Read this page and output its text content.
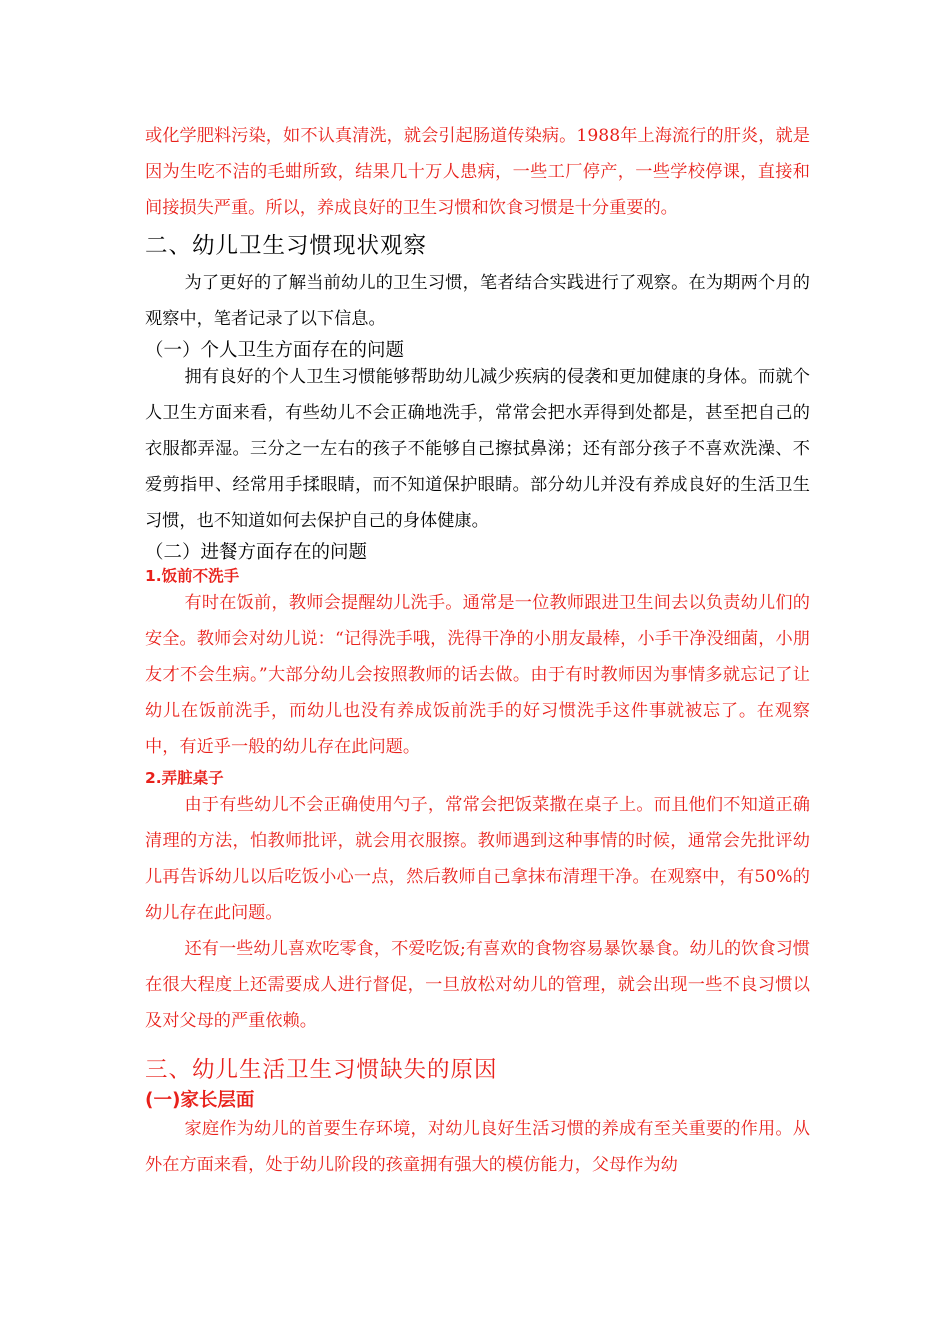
或化学肥料污染，如不认真清洗，就会引起肠道传染病。1988年上海流行的肝炎，就是因为生吃不洁的毛蚶所致，结果几十万人患病，一些工厂停产，一些学校停课，直接和间接损失严重。所以，养成良好的卫生习惯和饮食习惯是十分重要的。

二、幼儿卫生习惯现状观察

为了更好的了解当前幼儿的卫生习惯，笔者结合实践进行了观察。在为期两个月的观察中，笔者记录了以下信息。

（一）个人卫生方面存在的问题

拥有良好的个人卫生习惯能够帮助幼儿减少疾病的侵袭和更加健康的身体。而就个人卫生方面来看，有些幼儿不会正确地洗手，常常会把水弄得到处都是，甚至把自己的衣服都弄湿。三分之一左右的孩子不能够自己擦拭鼻涕；还有部分孩子不喜欢洗澡、不爱剪指甲、经常用手揉眼睛，而不知道保护眼睛。部分幼儿并没有养成良好的生活卫生习惯，也不知道如何去保护自己的身体健康。

（二）进餐方面存在的问题
1.饭前不洗手

有时在饭前，教师会提醒幼儿洗手。通常是一位教师跟进卫生间去以负责幼儿们的安全。教师会对幼儿说：“记得洗手哦，洗得干净的小朋友最棒，小手干净没细菌，小朋友才不会生病。”大部分幼儿会按照教师的话去做。由于有时教师因为事情多就忘记了让幼儿在饭前洗手，而幼儿也没有养成饭前洗手的好习惯洗手这件事就被忘了。在观察中，有近乎一般的幼儿存在此问题。

2.弄脏桌子

由于有些幼儿不会正确使用勺子，常常会把饭菜撒在桌子上。而且他们不知道正确清理的方法，怕教师批评，就会用衣服擦。教师遇到这种事情的时候，通常会先批评幼儿再告诉幼儿以后吃饭小心一点，然后教师自己拿抹布清理干净。在观察中，有50%的幼儿存在此问题。

还有一些幼儿喜欢吃零食，不爱吃饭;有喜欢的食物容易暴饮暴食。幼儿的饮食习惯在很大程度上还需要成人进行督促，一旦放松对幼儿的管理，就会出现一些不良习惯以及对父母的严重依赖。

三、幼儿生活卫生习惯缺失的原因
(一)家长层面

家庭作为幼儿的首要生存环境，对幼儿良好生活习惯的养成有至关重要的作用。从外在方面来看，处于幼儿阶段的孩童拥有强大的模仿能力，父母作为幼
